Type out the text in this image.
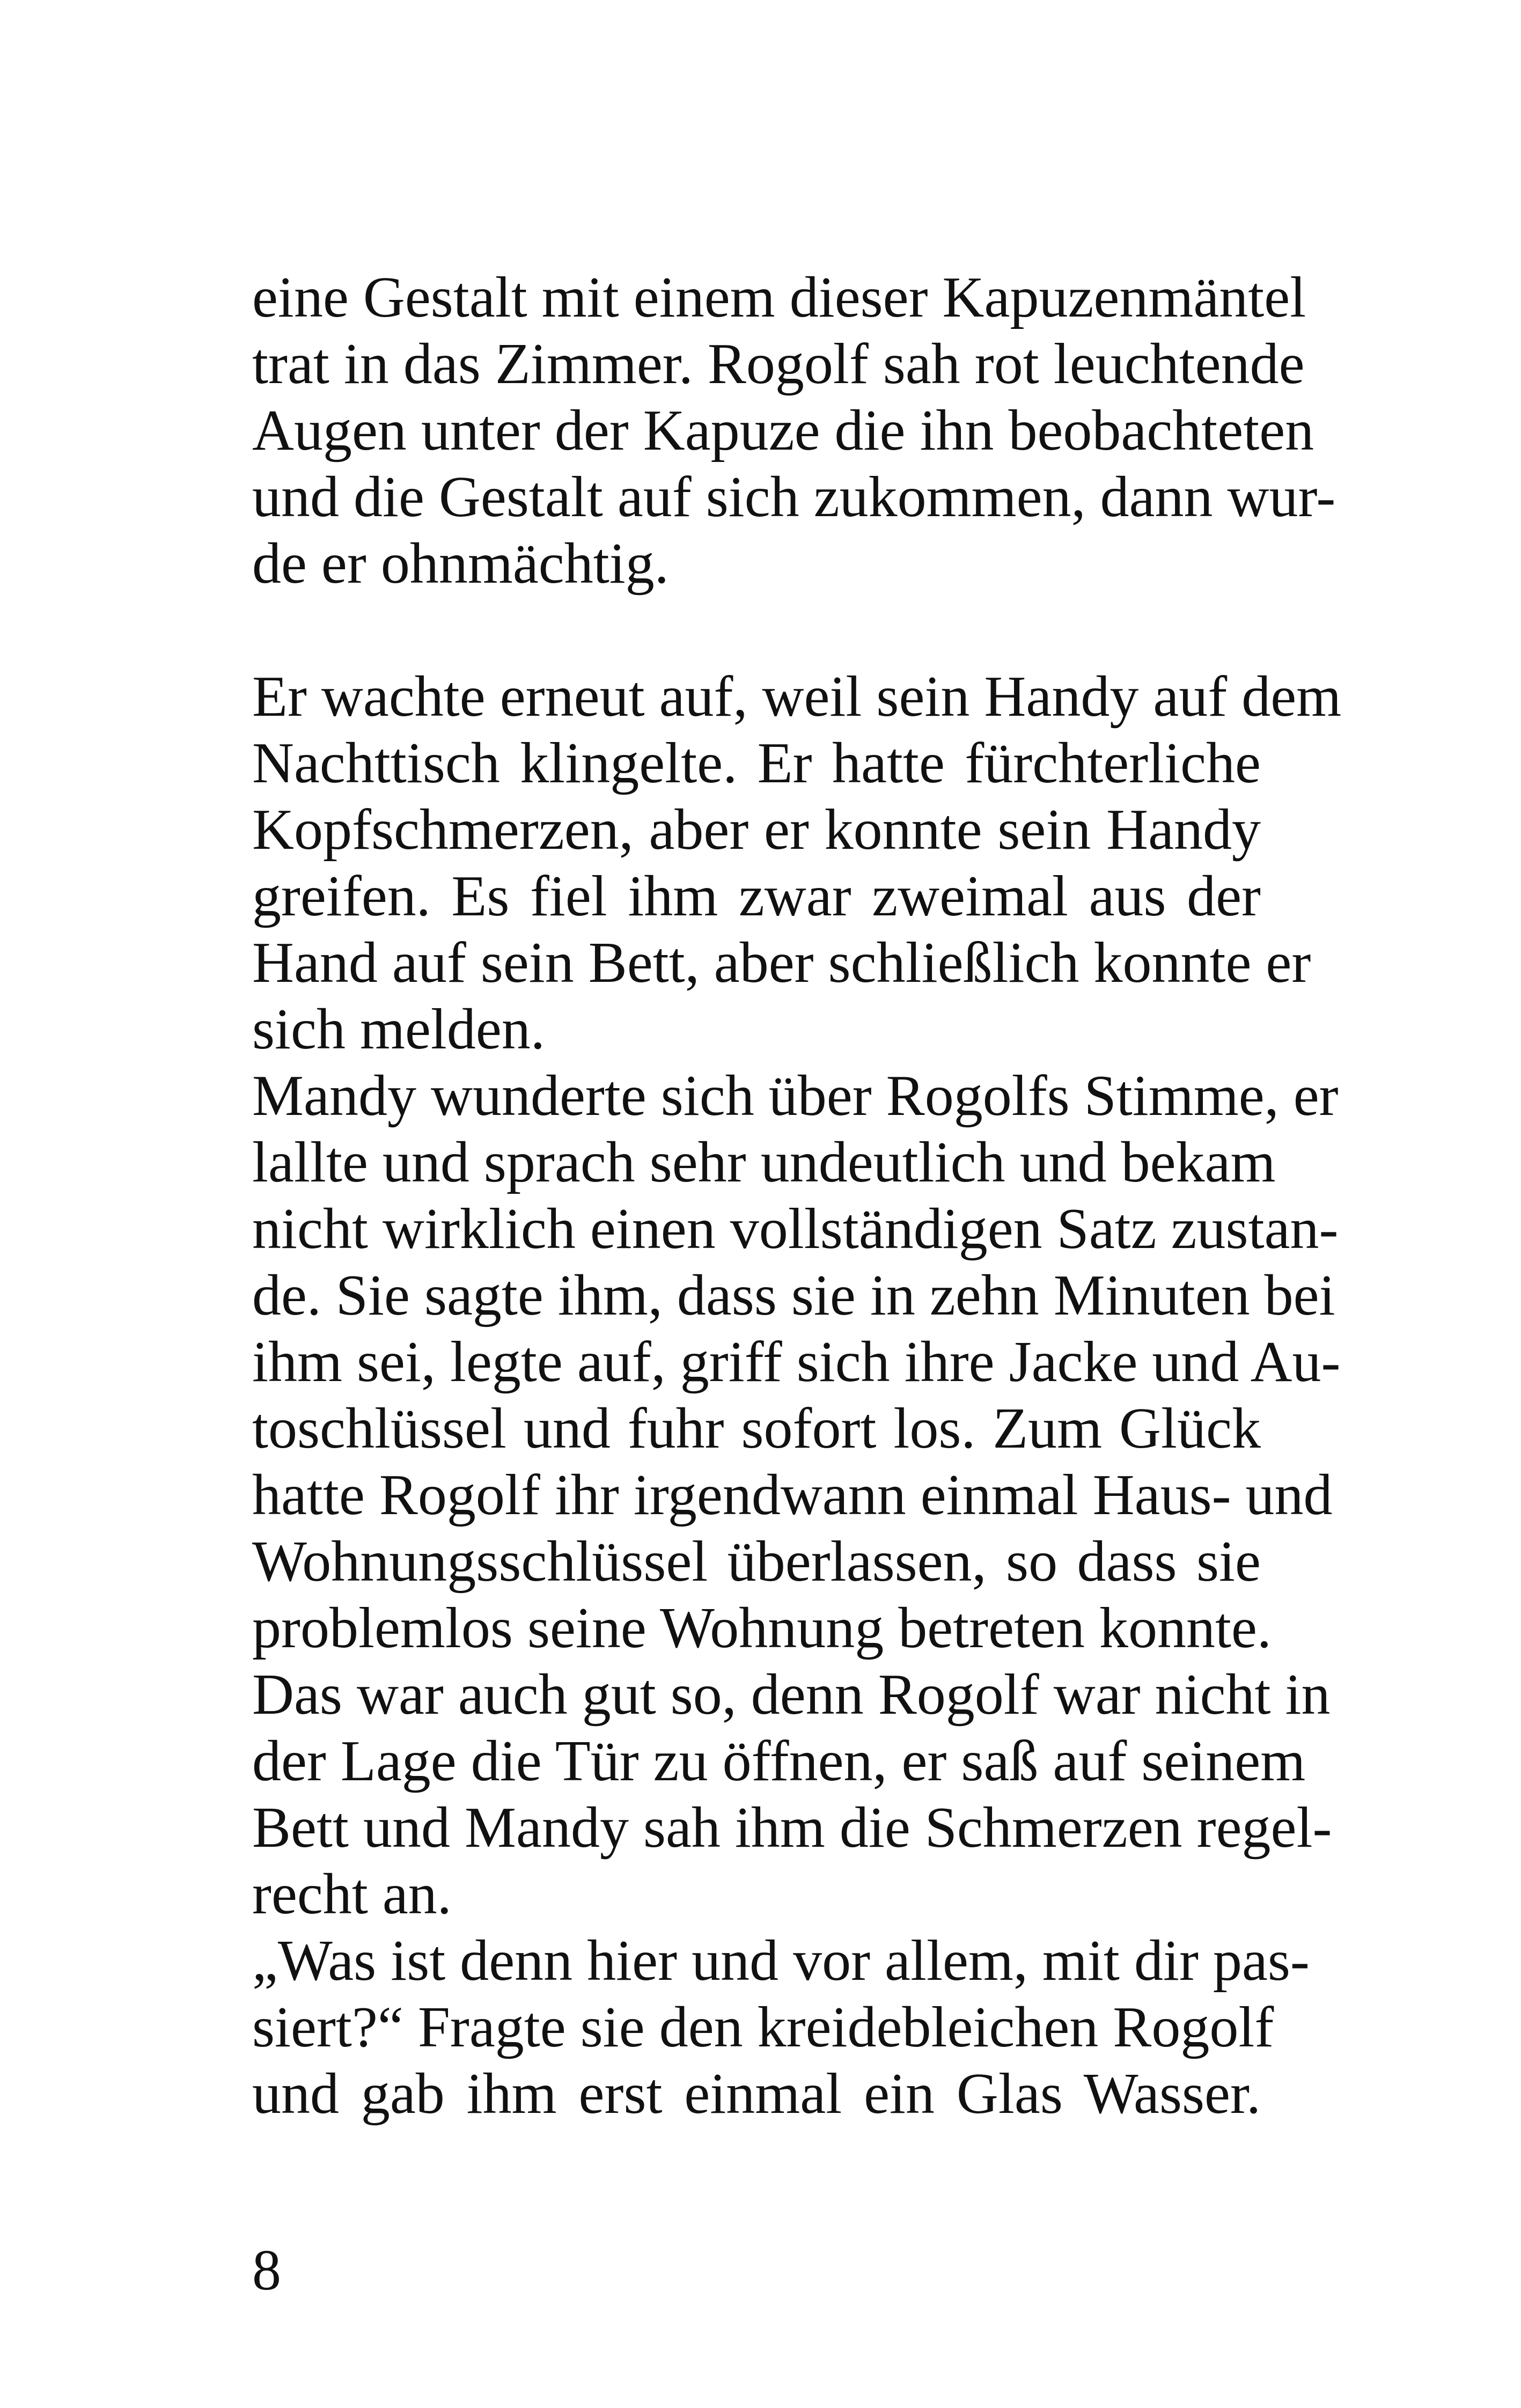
eine Gestalt mit einem dieser Kapuzenmäntel
trat in das Zimmer. Rogolf sah rot leuchtende
Augen unter der Kapuze die ihn beobachteten
und die Gestalt auf sich zukommen, dann wur-
de er ohnmächtig.
Er wachte erneut auf, weil sein Handy auf dem
Nachttisch klingelte. Er hatte fürchterliche
Kopfschmerzen, aber er konnte sein Handy
greifen. Es fiel ihm zwar zweimal aus der
Hand auf sein Bett, aber schließlich konnte er
sich melden.
Mandy wunderte sich über Rogolfs Stimme, er
lallte und sprach sehr undeutlich und bekam
nicht wirklich einen vollständigen Satz zustan-
de. Sie sagte ihm, dass sie in zehn Minuten bei
ihm sei, legte auf, griff sich ihre Jacke und Au-
toschlüssel und fuhr sofort los. Zum Glück
hatte Rogolf ihr irgendwann einmal Haus- und
Wohnungsschlüssel überlassen, so dass sie
problemlos seine Wohnung betreten konnte.
Das war auch gut so, denn Rogolf war nicht in
der Lage die Tür zu öffnen, er saß auf seinem
Bett und Mandy sah ihm die Schmerzen regel-
recht an.
„Was ist denn hier und vor allem, mit dir pas-
siert?“ Fragte sie den kreidebleichen Rogolf
und gab ihm erst einmal ein Glas Wasser.
8
